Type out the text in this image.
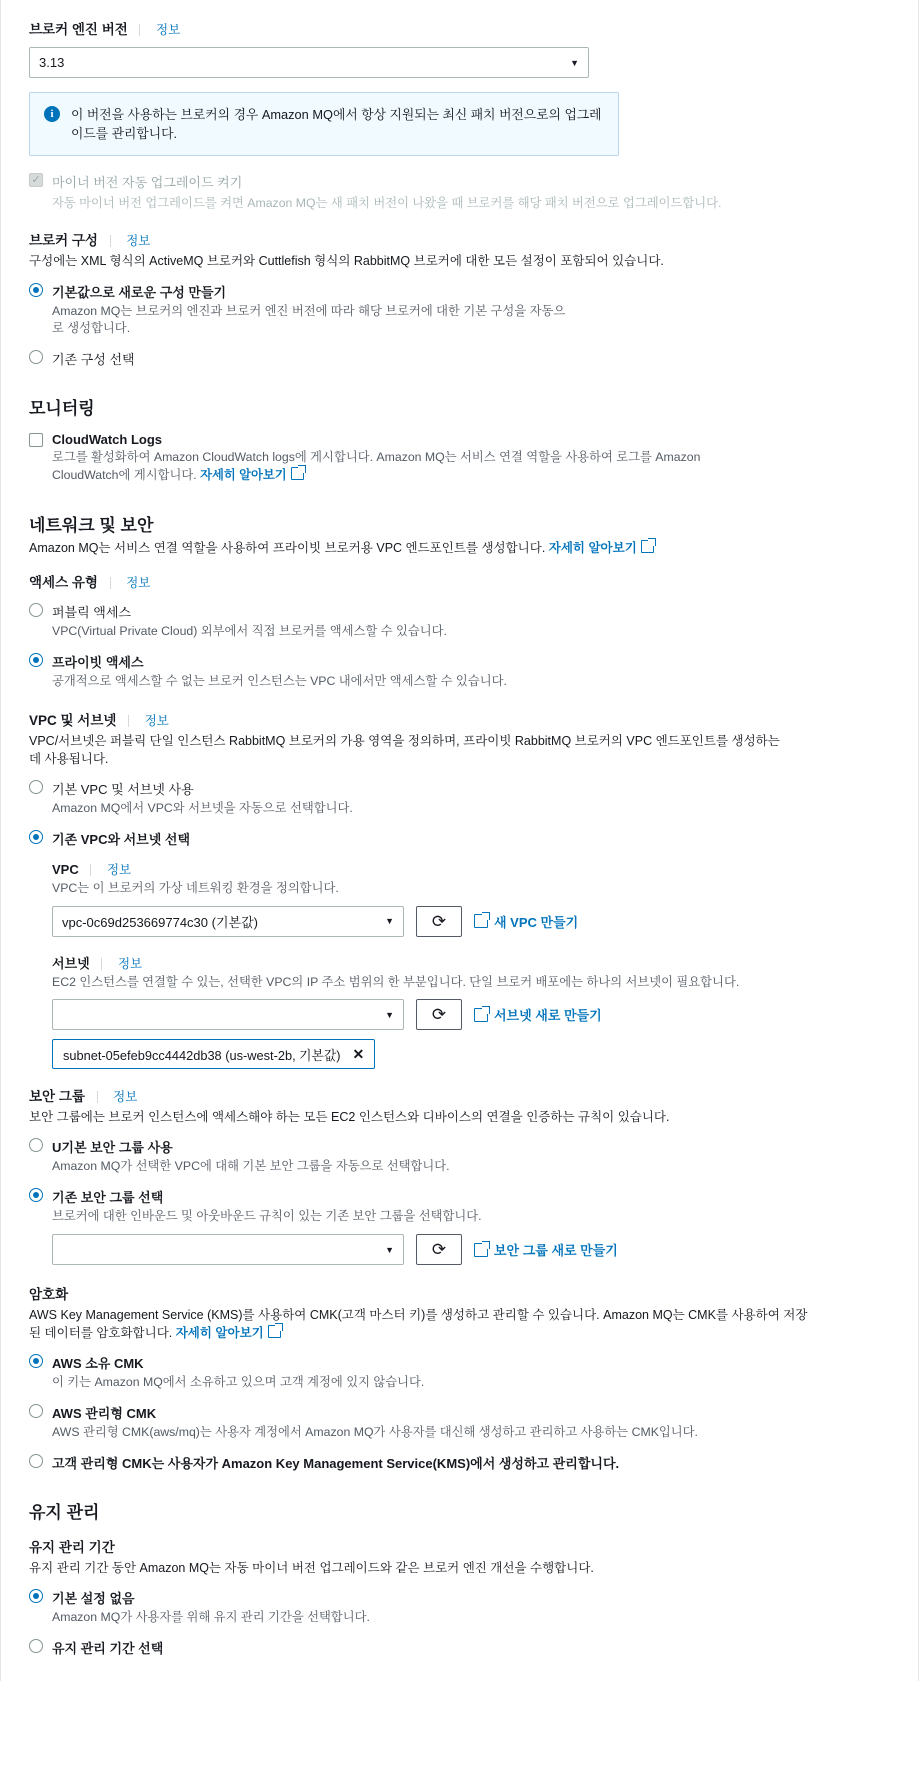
브로커 엔진 버전 정보
3.13	▼
i	이 버전을 사용하는 브로커의 경우 Amazon MQ에서 항상 지원되는 최신 패치 버전으로의 업그레이드를 관리합니다.
✓ 마이너 버전 자동 업그레이드 켜기
자동 마이너 버전 업그레이드를 켜면 Amazon MQ는 새 패치 버전이 나왔을 때 브로커를 해당 패치 버전으로 업그레이드합니다.
브로커 구성 정보
구성에는 XML 형식의 ActiveMQ 브로커와 Cuttlefish 형식의 RabbitMQ 브로커에 대한 모든 설정이 포함되어 있습니다.
기본값으로 새로운 구성 만들기
Amazon MQ는 브로커의 엔진과 브로커 엔진 버전에 따라 해당 브로커에 대한 기본 구성을 자동으로 생성합니다.
기존 구성 선택
모니터링
CloudWatch Logs
로그를 활성화하여 Amazon CloudWatch logs에 게시합니다. Amazon MQ는 서비스 연결 역할을 사용하여 로그를 Amazon CloudWatch에 게시합니다. 자세히 알아보기
네트워크 및 보안
Amazon MQ는 서비스 연결 역할을 사용하여 프라이빗 브로커용 VPC 엔드포인트를 생성합니다. 자세히 알아보기
액세스 유형 정보
퍼블릭 액세스
VPC(Virtual Private Cloud) 외부에서 직접 브로커를 액세스할 수 있습니다.
프라이빗 액세스
공개적으로 액세스할 수 없는 브로커 인스턴스는 VPC 내에서만 액세스할 수 있습니다.
VPC 및 서브넷 정보
VPC/서브넷은 퍼블릭 단일 인스턴스 RabbitMQ 브로커의 가용 영역을 정의하며, 프라이빗 RabbitMQ 브로커의 VPC 엔드포인트를 생성하는 데 사용됩니다.
기본 VPC 및 서브넷 사용
Amazon MQ에서 VPC와 서브넷을 자동으로 선택합니다.
기존 VPC와 서브넷 선택
VPC 정보
VPC는 이 브로커의 가상 네트워킹 환경을 정의합니다.
vpc-0c69d253669774c30 (기본값)	▼ ⟳	새 VPC 만들기
서브넷 정보
EC2 인스턴스를 연결할 수 있는, 선택한 VPC의 IP 주소 범위의 한 부분입니다. 단일 브로커 배포에는 하나의 서브넷이 필요합니다.
▼ ⟳	서브넷 새로 만들기
subnet-05efeb9cc4442db38 (us-west-2b, 기본값) ✕
보안 그룹 정보
보안 그룹에는 브로커 인스턴스에 액세스해야 하는 모든 EC2 인스턴스와 디바이스의 연결을 인증하는 규칙이 있습니다.
U기본 보안 그룹 사용
Amazon MQ가 선택한 VPC에 대해 기본 보안 그룹을 자동으로 선택합니다.
기존 보안 그룹 선택
브로커에 대한 인바운드 및 아웃바운드 규칙이 있는 기존 보안 그룹을 선택합니다.
▼ ⟳	보안 그룹 새로 만들기
암호화
AWS Key Management Service (KMS)를 사용하여 CMK(고객 마스터 키)를 생성하고 관리할 수 있습니다. Amazon MQ는 CMK를 사용하여 저장된 데이터를 암호화합니다. 자세히 알아보기
AWS 소유 CMK
이 키는 Amazon MQ에서 소유하고 있으며 고객 계정에 있지 않습니다.
AWS 관리형 CMK
AWS 관리형 CMK(aws/mq)는 사용자 계정에서 Amazon MQ가 사용자를 대신해 생성하고 관리하고 사용하는 CMK입니다.
고객 관리형 CMK는 사용자가 Amazon Key Management Service(KMS)에서 생성하고 관리합니다.
유지 관리
유지 관리 기간
유지 관리 기간 동안 Amazon MQ는 자동 마이너 버전 업그레이드와 같은 브로커 엔진 개선을 수행합니다.
기본 설정 없음
Amazon MQ가 사용자를 위해 유지 관리 기간을 선택합니다.
유지 관리 기간 선택
